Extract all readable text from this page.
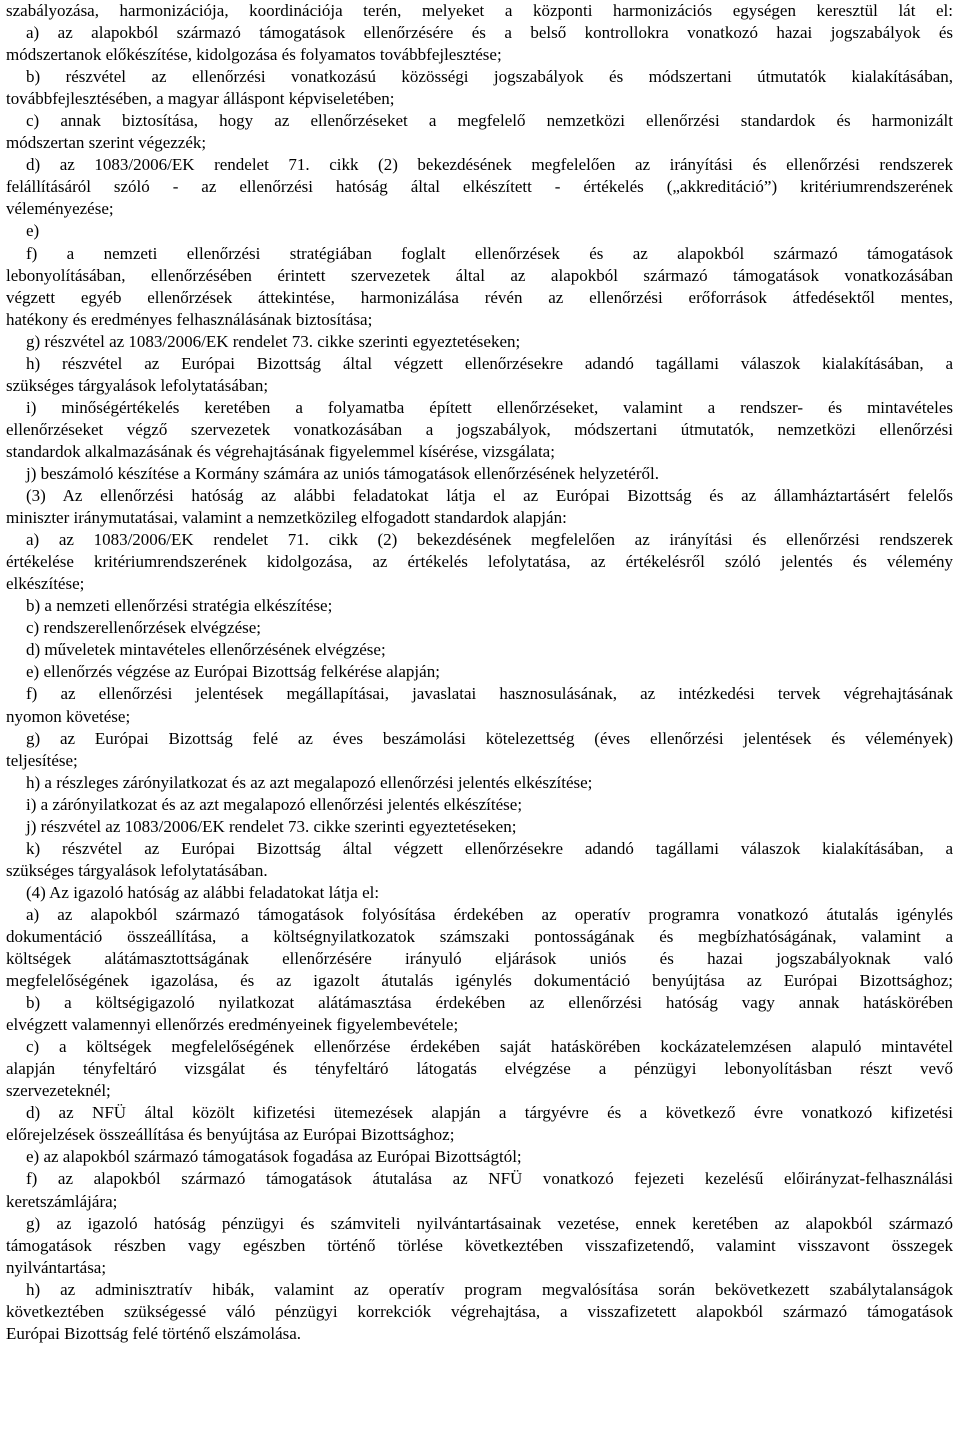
szabályozása, harmonizációja, koordinációja terén, melyeket a központi harmonizációs egységen keresztül lát el:
a) az alapokból származó támogatások ellenőrzésére és a belső kontrollokra vonatkozó hazai jogszabályok és
módszertanok előkészítése, kidolgozása és folyamatos továbbfejlesztése;
b) részvétel az ellenőrzési vonatkozású közösségi jogszabályok és módszertani útmutatók kialakításában,
továbbfejlesztésében, a magyar álláspont képviseletében;
c) annak biztosítása, hogy az ellenőrzéseket a megfelelő nemzetközi ellenőrzési standardok és harmonizált
módszertan szerint végezzék;
d) az 1083/2006/EK rendelet 71. cikk (2) bekezdésének megfelelően az irányítási és ellenőrzési rendszerek
felállításáról szóló - az ellenőrzési hatóság által elkészített - értékelés („akkreditáció”) kritériumrendszerének
véleményezése;
e)
f) a nemzeti ellenőrzési stratégiában foglalt ellenőrzések és az alapokból származó támogatások
lebonyolításában, ellenőrzésében érintett szervezetek által az alapokból származó támogatások vonatkozásában
végzett egyéb ellenőrzések áttekintése, harmonizálása révén az ellenőrzési erőforrások átfedésektől mentes,
hatékony és eredményes felhasználásának biztosítása;
g) részvétel az 1083/2006/EK rendelet 73. cikke szerinti egyeztetéseken;
h) részvétel az Európai Bizottság által végzett ellenőrzésekre adandó tagállami válaszok kialakításában, a
szükséges tárgyalások lefolytatásában;
i) minőségértékelés keretében a folyamatba épített ellenőrzéseket, valamint a rendszer- és mintavételes
ellenőrzéseket végző szervezetek vonatkozásában a jogszabályok, módszertani útmutatók, nemzetközi ellenőrzési
standardok alkalmazásának és végrehajtásának figyelemmel kísérése, vizsgálata;
j) beszámoló készítése a Kormány számára az uniós támogatások ellenőrzésének helyzetéről.
(3) Az ellenőrzési hatóság az alábbi feladatokat látja el az Európai Bizottság és az államháztartásért felelős
miniszter iránymutatásai, valamint a nemzetközileg elfogadott standardok alapján:
a) az 1083/2006/EK rendelet 71. cikk (2) bekezdésének megfelelően az irányítási és ellenőrzési rendszerek
értékelése kritériumrendszerének kidolgozása, az értékelés lefolytatása, az értékelésről szóló jelentés és vélemény
elkészítése;
b) a nemzeti ellenőrzési stratégia elkészítése;
c) rendszerellenőrzések elvégzése;
d) műveletek mintavételes ellenőrzésének elvégzése;
e) ellenőrzés végzése az Európai Bizottság felkérése alapján;
f) az ellenőrzési jelentések megállapításai, javaslatai hasznosulásának, az intézkedési tervek végrehajtásának
nyomon követése;
g) az Európai Bizottság felé az éves beszámolási kötelezettség (éves ellenőrzési jelentések és vélemények)
teljesítése;
h) a részleges zárónyilatkozat és az azt megalapozó ellenőrzési jelentés elkészítése;
i) a zárónyilatkozat és az azt megalapozó ellenőrzési jelentés elkészítése;
j) részvétel az 1083/2006/EK rendelet 73. cikke szerinti egyeztetéseken;
k) részvétel az Európai Bizottság által végzett ellenőrzésekre adandó tagállami válaszok kialakításában, a
szükséges tárgyalások lefolytatásában.
(4) Az igazoló hatóság az alábbi feladatokat látja el:
a) az alapokból származó támogatások folyósítása érdekében az operatív programra vonatkozó átutalás igénylés
dokumentáció összeállítása, a költségnyilatkozatok számszaki pontosságának és megbízhatóságának, valamint a
költségek alátámasztottságának ellenőrzésére irányuló eljárások uniós és hazai jogszabályoknak való
megfelelőségének igazolása, és az igazolt átutalás igénylés dokumentáció benyújtása az Európai Bizottsághoz;
b) a költségigazoló nyilatkozat alátámasztása érdekében az ellenőrzési hatóság vagy annak hatáskörében
elvégzett valamennyi ellenőrzés eredményeinek figyelembevétele;
c) a költségek megfelelőségének ellenőrzése érdekében saját hatáskörében kockázatelemzésen alapuló mintavétel
alapján tényfeltáró vizsgálat és tényfeltáró látogatás elvégzése a pénzügyi lebonyolításban részt vevő
szervezeteknél;
d) az NFÜ által közölt kifizetési ütemezések alapján a tárgyévre és a következő évre vonatkozó kifizetési
előrejelzések összeállítása és benyújtása az Európai Bizottsághoz;
e) az alapokból származó támogatások fogadása az Európai Bizottságtól;
f) az alapokból származó támogatások átutalása az NFÜ vonatkozó fejezeti kezelésű előirányzat-felhasználási
keretszámlájára;
g) az igazoló hatóság pénzügyi és számviteli nyilvántartásainak vezetése, ennek keretében az alapokból származó
támogatások részben vagy egészben történő törlése következtében visszafizetendő, valamint visszavont összegek
nyilvántartása;
h) az adminisztratív hibák, valamint az operatív program megvalósítása során bekövetkezett szabálytalanságok
következtében szükségessé váló pénzügyi korrekciók végrehajtása, a visszafizetett alapokból származó támogatások
Európai Bizottság felé történő elszámolása.
